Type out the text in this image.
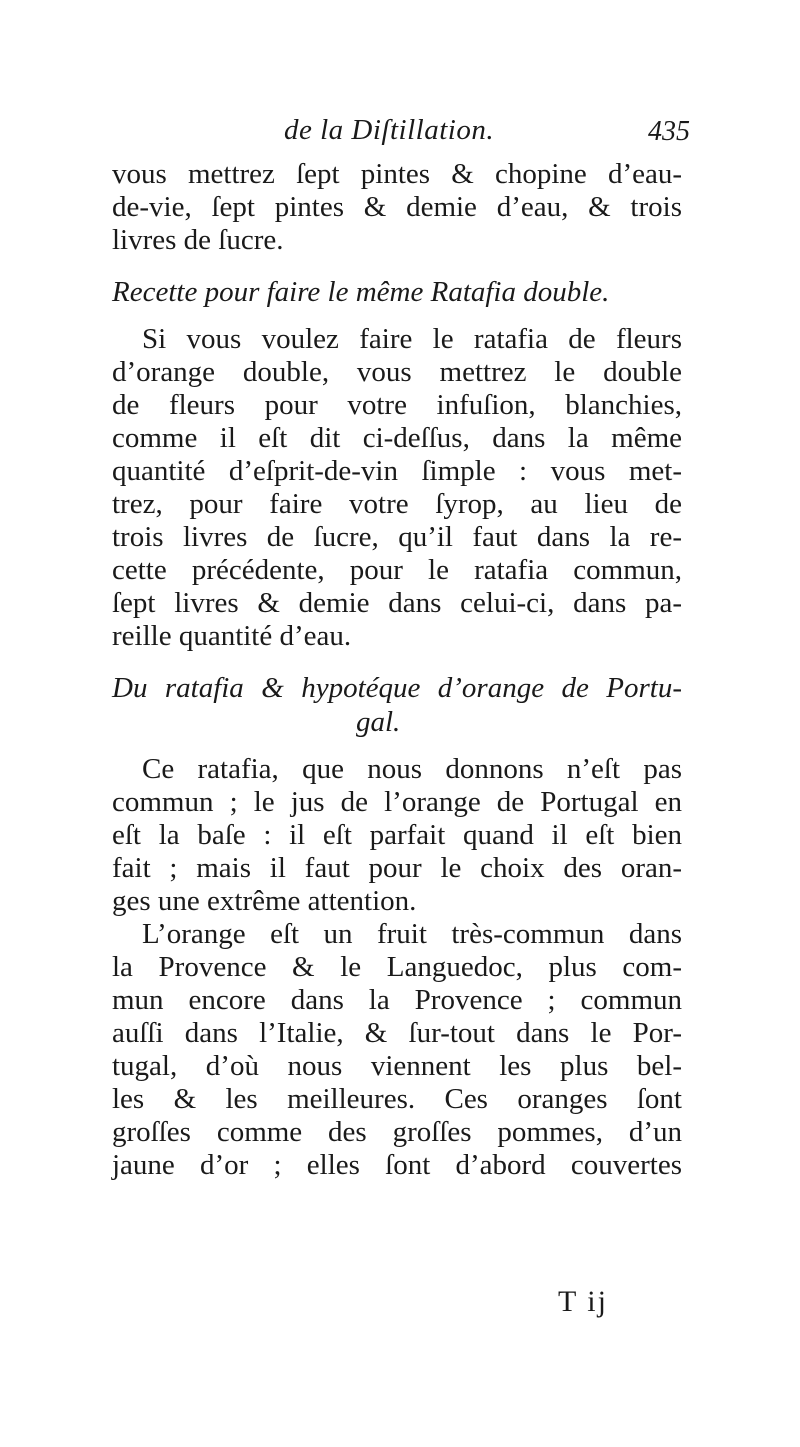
de la Diſtillation.	435
vous mettrez ſept pintes & chopine d’eau-
de-vie, ſept pintes & demie d’eau, & trois
livres de ſucre.
Recette pour faire le même Ratafia double.
Si vous voulez faire le ratafia de fleurs
d’orange double, vous mettrez le double
de fleurs pour votre infuſion, blanchies,
comme il eſt dit ci-deſſus, dans la même
quantité d’eſprit-de-vin ſimple : vous met-
trez, pour faire votre ſyrop, au lieu de
trois livres de ſucre, qu’il faut dans la re-
cette précédente, pour le ratafia commun,
ſept livres & demie dans celui-ci, dans pa-
reille quantité d’eau.
Du ratafia & hypotéque d’orange de Portu-
gal.
Ce ratafia, que nous donnons n’eſt pas
commun ; le jus de l’orange de Portugal en
eſt la baſe : il eſt parfait quand il eſt bien
fait ; mais il faut pour le choix des oran-
ges une extrême attention.
L’orange eſt un fruit très-commun dans
la Provence & le Languedoc, plus com-
mun encore dans la Provence ; commun
auſſi dans l’Italie, & ſur-tout dans le Por-
tugal, d’où nous viennent les plus bel-
les & les meilleures. Ces oranges ſont
groſſes comme des groſſes pommes, d’un
jaune d’or ; elles ſont d’abord couvertes
T ij
